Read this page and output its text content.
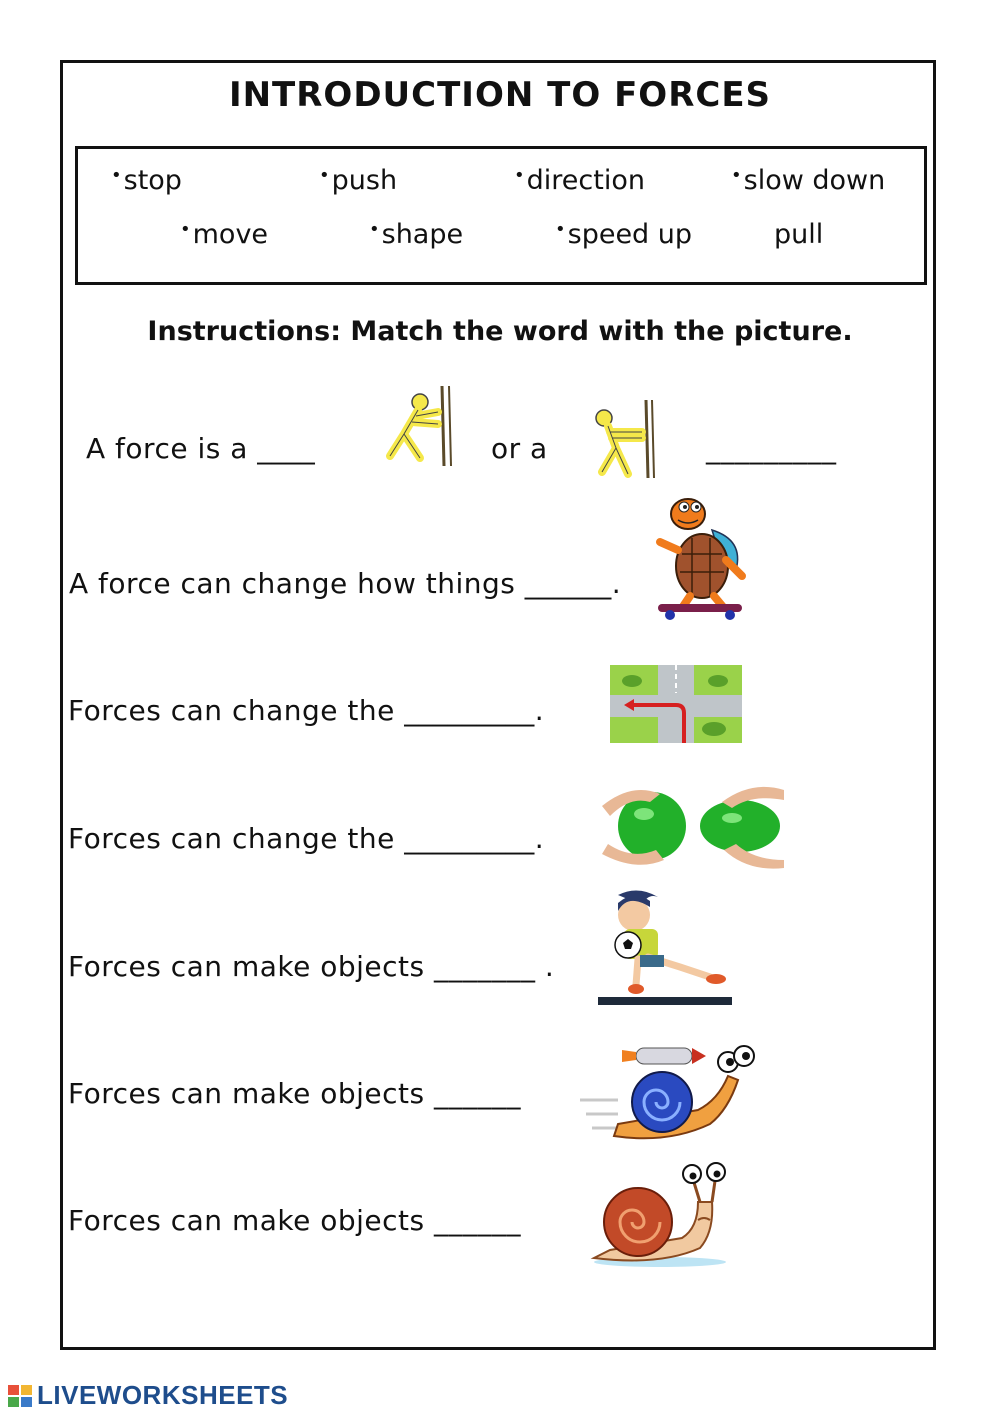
INTRODUCTION TO FORCES
•stop	•push	•direction	•slow down
•move	•shape	•speed up	pull
Instructions: Match the word with the picture.
A force is a ____	or a	_________
A force can change how things ______.
Forces can change the _________.
Forces can change the _________.
Forces can make objects _______ .
Forces can make objects ______
Forces can make objects ______
LIVEWORKSHEETS
